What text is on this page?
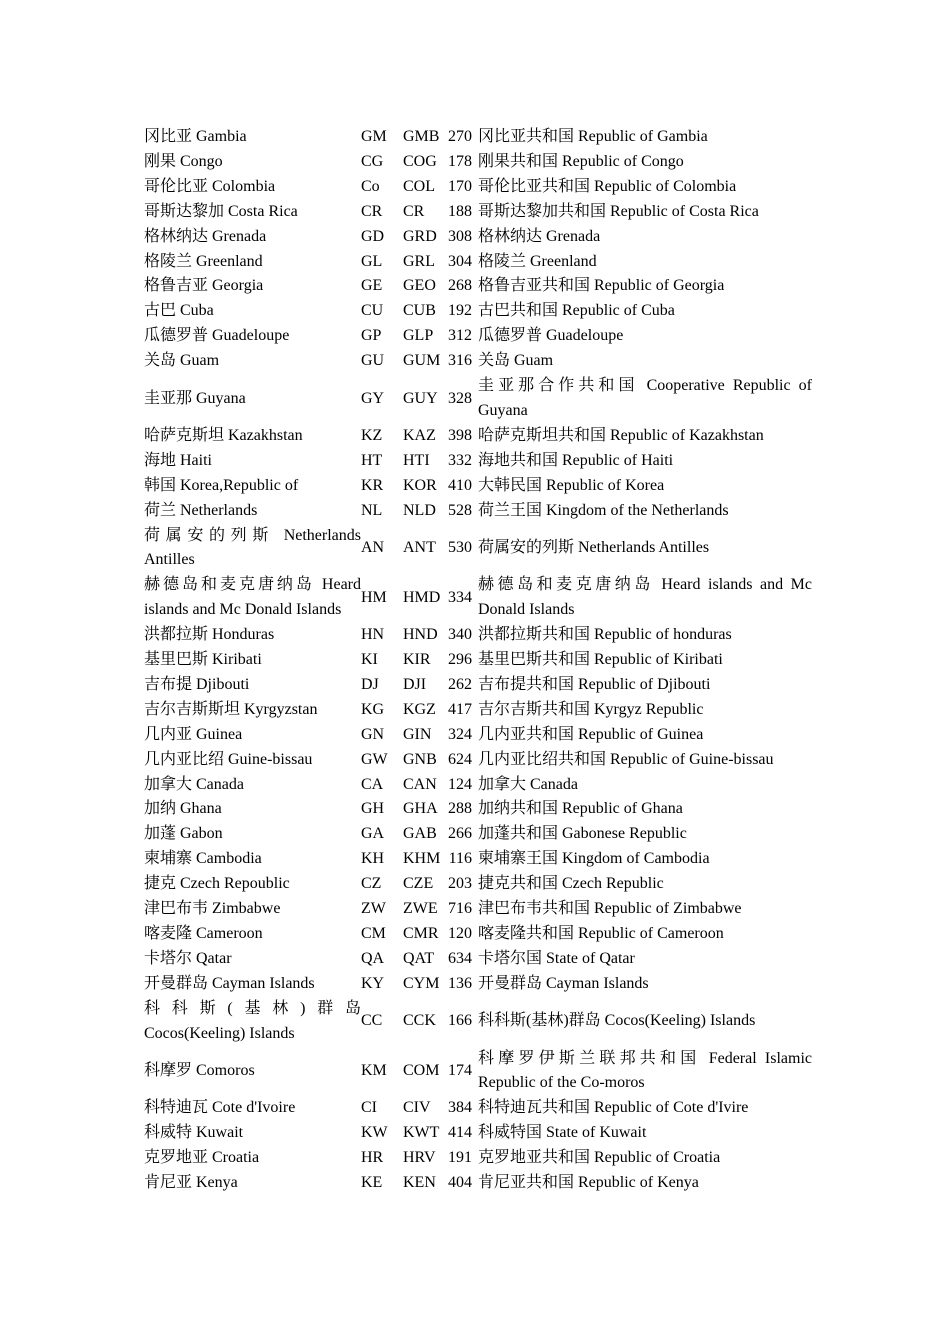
冈比亚 Gambia	GM	GMB	270	冈比亚共和国 Republic of Gambia
刚果 Congo	CG	COG	178	刚果共和国 Republic of Congo
哥伦比亚 Colombia	Co	COL	170	哥伦比亚共和国 Republic of Colombia
哥斯达黎加 Costa Rica	CR	CR	188	哥斯达黎加共和国 Republic of Costa Rica
格林纳达 Grenada	GD	GRD	308	格林纳达 Grenada
格陵兰 Greenland	GL	GRL	304	格陵兰 Greenland
格鲁吉亚 Georgia	GE	GEO	268	格鲁吉亚共和国 Republic of Georgia
古巴 Cuba	CU	CUB	192	古巴共和国 Republic of Cuba
瓜德罗普 Guadeloupe	GP	GLP	312	瓜德罗普 Guadeloupe
关岛 Guam	GU	GUM	316	关岛 Guam
圭亚那 Guyana	GY	GUY	328	圭亚那合作共和国 Cooperative Republic of Guyana
哈萨克斯坦 Kazakhstan	KZ	KAZ	398	哈萨克斯坦共和国 Republic of Kazakhstan
海地 Haiti	HT	HTI	332	海地共和国 Republic of Haiti
韩国 Korea,Republic of	KR	KOR	410	大韩民国 Republic of Korea
荷兰 Netherlands	NL	NLD	528	荷兰王国 Kingdom of the Netherlands
荷属安的列斯 Netherlands Antilles	AN	ANT	530	荷属安的列斯 Netherlands Antilles
赫德岛和麦克唐纳岛 Heard islands and Mc Donald Islands	HM	HMD	334	赫德岛和麦克唐纳岛 Heard islands and Mc Donald Islands
洪都拉斯 Honduras	HN	HND	340	洪都拉斯共和国 Republic of honduras
基里巴斯 Kiribati	KI	KIR	296	基里巴斯共和国 Republic of Kiribati
吉布提 Djibouti	DJ	DJI	262	吉布提共和国 Republic of Djibouti
吉尔吉斯斯坦 Kyrgyzstan	KG	KGZ	417	吉尔吉斯共和国 Kyrgyz Republic
几内亚 Guinea	GN	GIN	324	几内亚共和国 Republic of Guinea
几内亚比绍 Guine-bissau	GW	GNB	624	几内亚比绍共和国 Republic of Guine-bissau
加拿大 Canada	CA	CAN	124	加拿大 Canada
加纳 Ghana	GH	GHA	288	加纳共和国 Republic of Ghana
加蓬 Gabon	GA	GAB	266	加蓬共和国 Gabonese Republic
柬埔寨 Cambodia	KH	KHM	116	柬埔寨王国 Kingdom of Cambodia
捷克 Czech Repoublic	CZ	CZE	203	捷克共和国 Czech Republic
津巴布韦 Zimbabwe	ZW	ZWE	716	津巴布韦共和国 Republic of Zimbabwe
喀麦隆 Cameroon	CM	CMR	120	喀麦隆共和国 Republic of Cameroon
卡塔尔 Qatar	QA	QAT	634	卡塔尔国 State of Qatar
开曼群岛 Cayman Islands	KY	CYM	136	开曼群岛 Cayman Islands
科科斯(基林)群岛 Cocos(Keeling) Islands	CC	CCK	166	科科斯(基林)群岛 Cocos(Keeling) Islands
科摩罗 Comoros	KM	COM	174	科摩罗伊斯兰联邦共和国 Federal Islamic Republic of the Co-moros
科特迪瓦 Cote d'Ivoire	CI	CIV	384	科特迪瓦共和国 Republic of Cote d'Ivire
科威特 Kuwait	KW	KWT	414	科威特国 State of Kuwait
克罗地亚 Croatia	HR	HRV	191	克罗地亚共和国 Republic of Croatia
肯尼亚 Kenya	KE	KEN	404	肯尼亚共和国 Republic of Kenya
